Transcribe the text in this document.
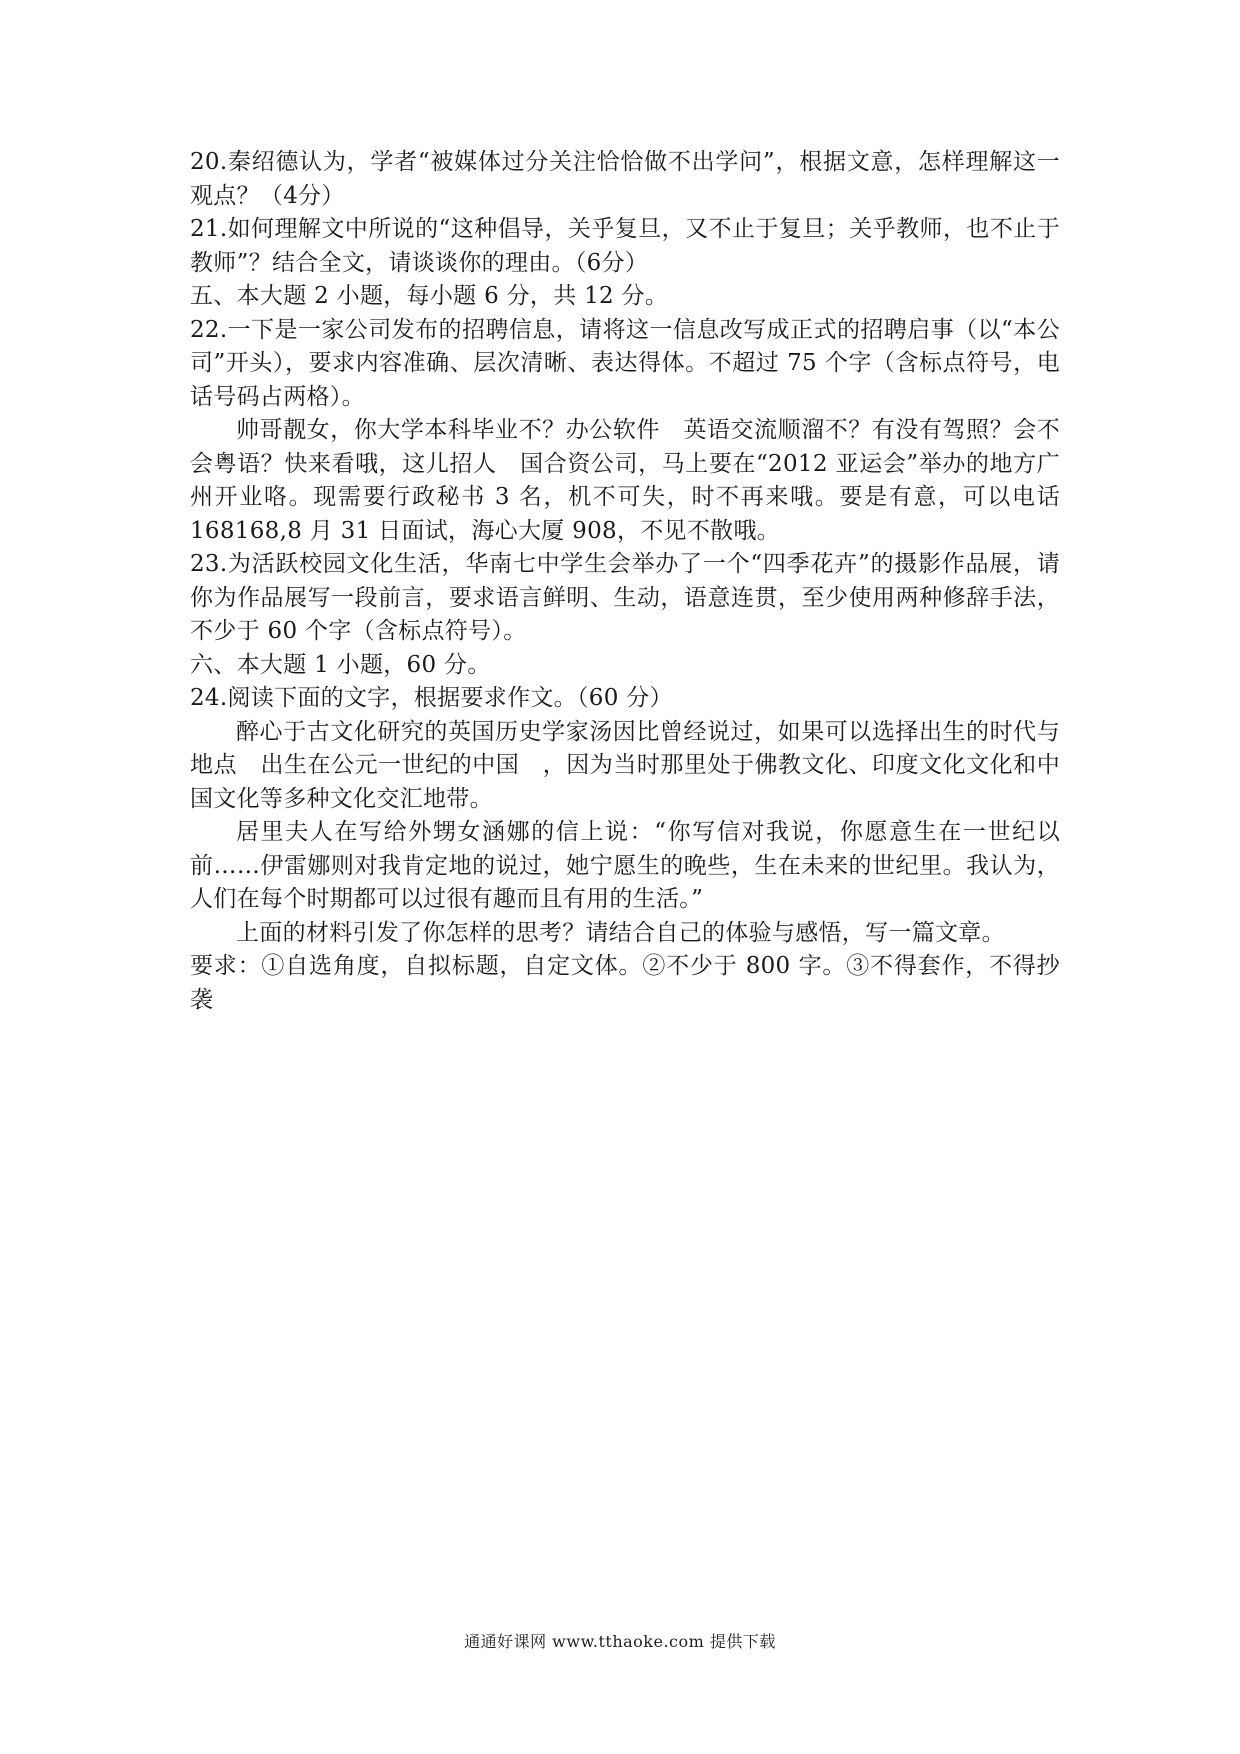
20.秦绍德认为，学者“被媒体过分关注恰恰做不出学问”，根据文意，怎样理解这一观点？（4分）

21.如何理解文中所说的“这种倡导，关乎复旦，又不止于复旦；关乎教师，也不止于教师”？结合全文，请谈谈你的理由。（6分）

五、本大题 2 小题，每小题 6 分，共 12 分。

22.一下是一家公司发布的招聘信息，请将这一信息改写成正式的招聘启事（以“本公司”开头），要求内容准确、层次清晰、表达得体。不超过 75 个字（含标点符号，电话号码占两格）。

帅哥靓女，你大学本科毕业不？办公软件　英语交流顺溜不？有没有驾照？会不会粤语？快来看哦，这儿招人　国合资公司，马上要在“2012 亚运会”举办的地方广州开业咯。现需要行政秘书 3 名，机不可失，时不再来哦。要是有意，可以电话 168168,8 月 31 日面试，海心大厦 908，不见不散哦。

23.为活跃校园文化生活，华南七中学生会举办了一个“四季花卉”的摄影作品展，请你为作品展写一段前言，要求语言鲜明、生动，语意连贯，至少使用两种修辞手法，不少于 60 个字（含标点符号）。

六、本大题 1 小题，60 分。

24.阅读下面的文字，根据要求作文。（60 分）

醉心于古文化研究的英国历史学家汤因比曾经说过，如果可以选择出生的时代与地点　出生在公元一世纪的中国　，因为当时那里处于佛教文化、印度文化文化和中国文化等多种文化交汇地带。

居里夫人在写给外甥女涵娜的信上说：“你写信对我说，你愿意生在一世纪以前……伊雷娜则对我肯定地的说过，她宁愿生的晚些，生在未来的世纪里。我认为，人们在每个时期都可以过很有趣而且有用的生活。”

上面的材料引发了你怎样的思考？请结合自己的体验与感悟，写一篇文章。

要求：①自选角度，自拟标题，自定文体。②不少于 800 字。③不得套作，不得抄袭

通通好课网 www.tthaoke.com 提供下载
